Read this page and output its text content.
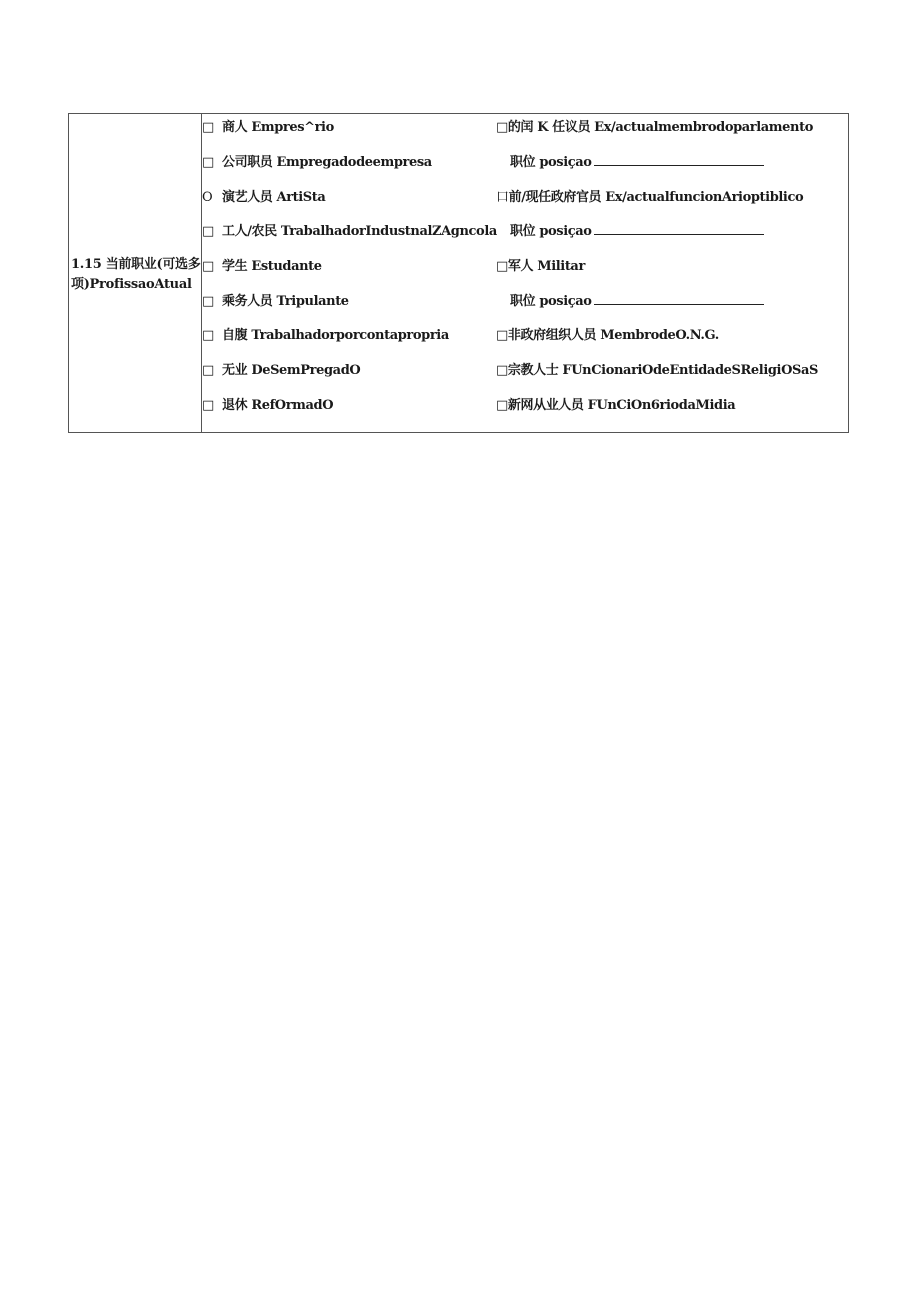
1.15 当前职业(可选多项)ProfissaoAtual
□ 商人 Empres^rio	□的闰 K 任议员 Ex/actualmembrodoparlamento
□ 公司职员 Empregadodeempresa	职位 posiçao
O 演艺人员 ArtiSta	口前/现任政府官员 Ex/actualfuncionArioptiblico
□ 工人/农民 TrabalhadorIndustnalZAgncola	职位 posiçao
□ 学生 Estudante	□军人 Militar
□ 乘务人员 Tripulante	职位 posiçao
□ 自腹 Trabalhadorporcontapropria	□非政府组织人员 MembrodeO.N.G.
□ 无业 DeSemPregadO	□宗教人士 FUnCionariOdeEntidadeSReligiOSaS
□ 退休 RefOrmadO	□新网从业人员 FUnCiOn6riodaMidia
